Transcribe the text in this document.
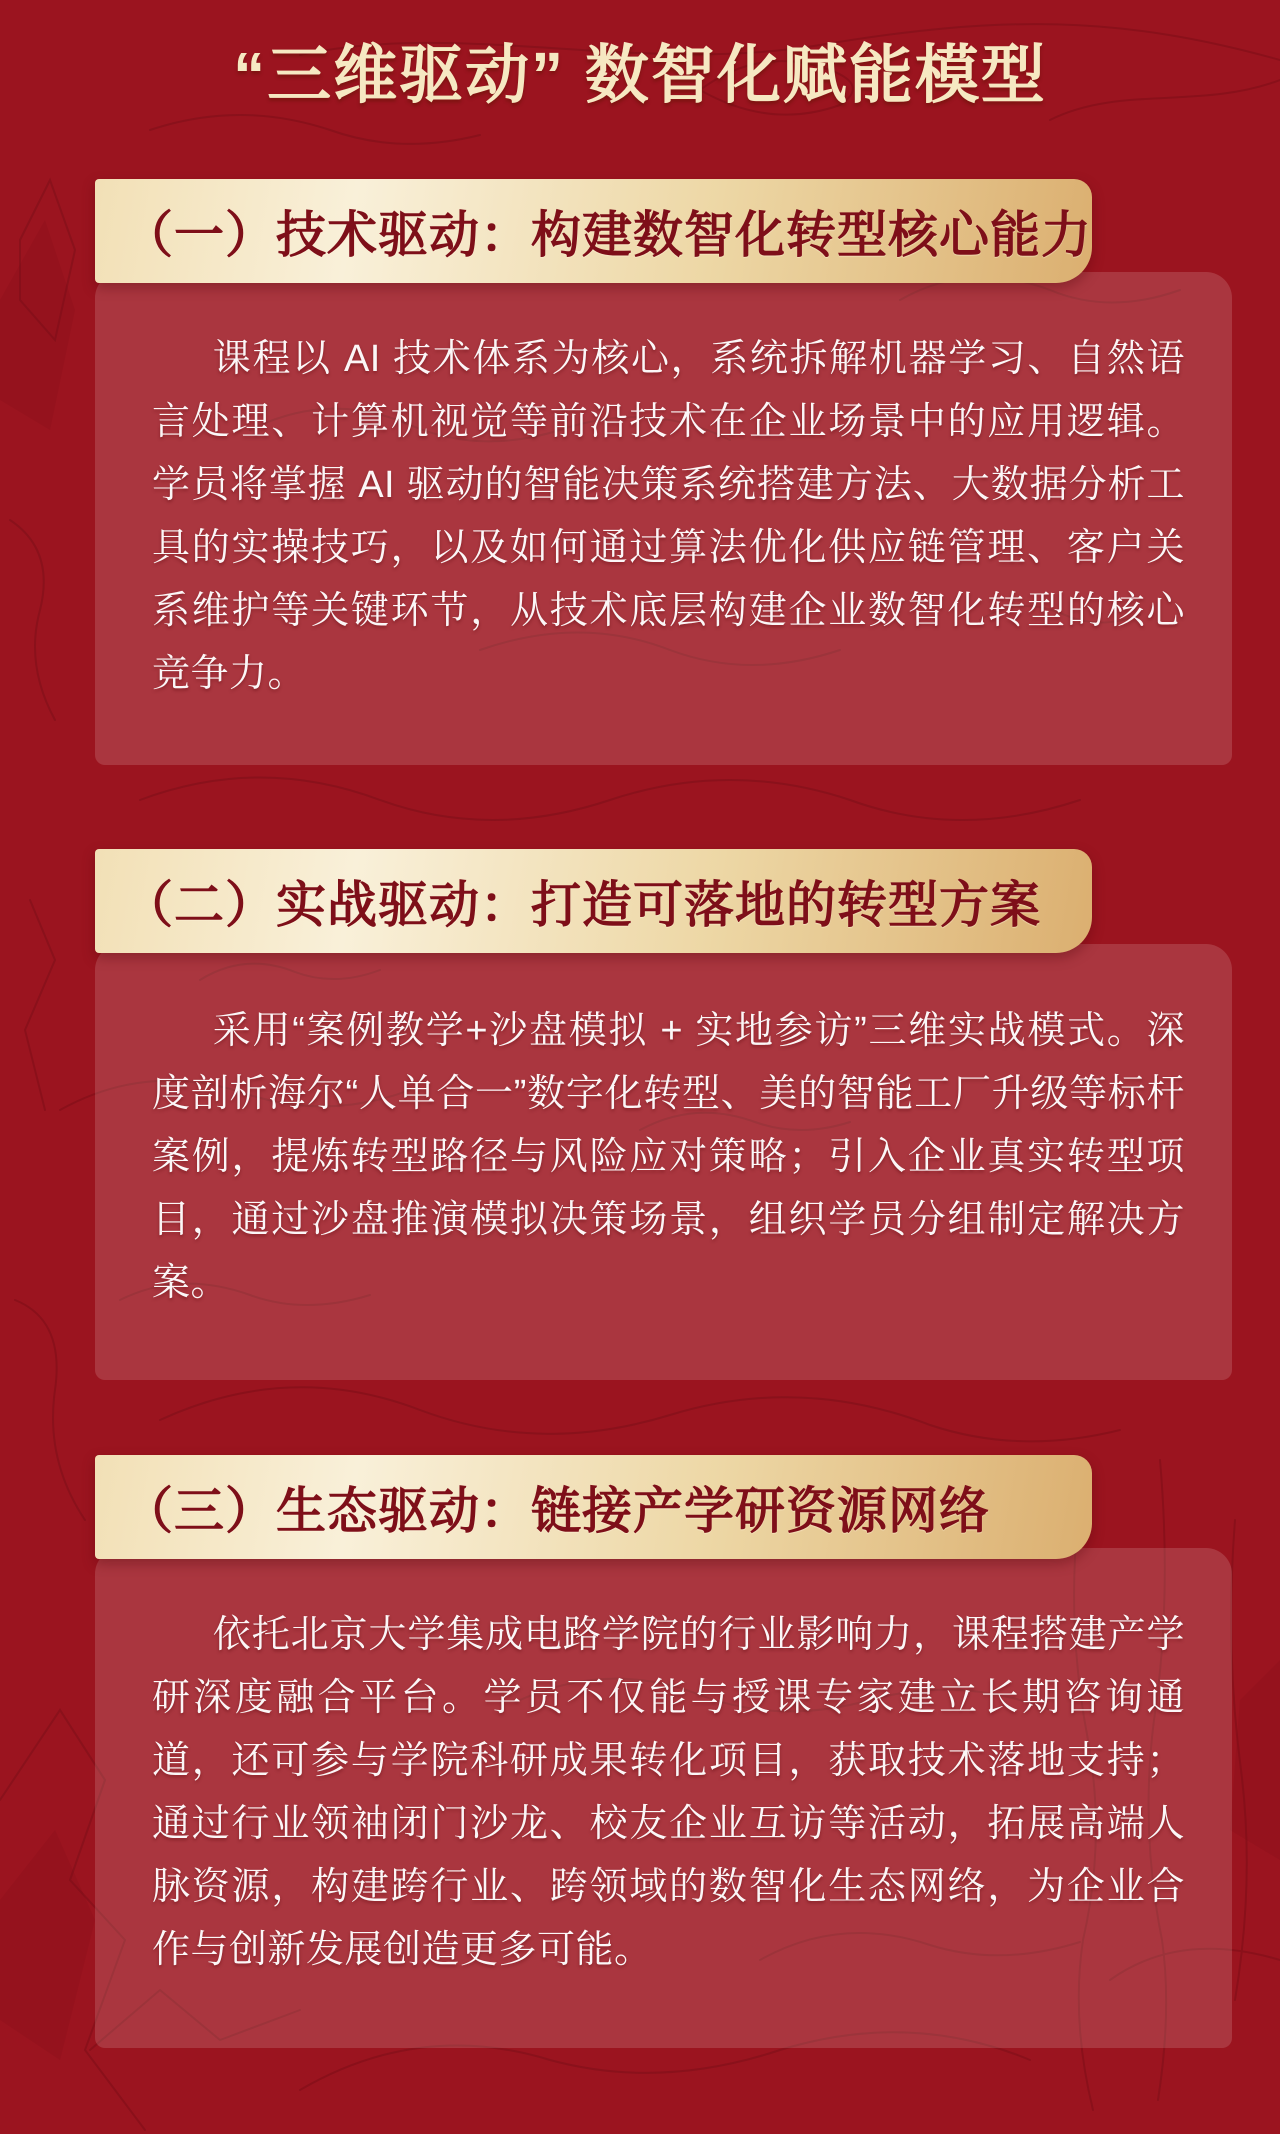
“三维驱动” 数智化赋能模型
（一）技术驱动：构建数智化转型核心能力

课程以 AI 技术体系为核心，系统拆解机器学习、自然语言处理、计算机视觉等前沿技术在企业场景中的应用逻辑。学员将掌握 AI 驱动的智能决策系统搭建方法、大数据分析工具的实操技巧，以及如何通过算法优化供应链管理、客户关系维护等关键环节，从技术底层构建企业数智化转型的核心竞争力。

（二）实战驱动：打造可落地的转型方案

采用“案例教学+沙盘模拟 + 实地参访”三维实战模式。深度剖析海尔“人单合一”数字化转型、美的智能工厂升级等标杆案例，提炼转型路径与风险应对策略；引入企业真实转型项目，通过沙盘推演模拟决策场景，组织学员分组制定解决方案。

（三）生态驱动：链接产学研资源网络

依托北京大学集成电路学院的行业影响力，课程搭建产学研深度融合平台。学员不仅能与授课专家建立长期咨询通道，还可参与学院科研成果转化项目，获取技术落地支持；通过行业领袖闭门沙龙、校友企业互访等活动，拓展高端人脉资源，构建跨行业、跨领域的数智化生态网络，为企业合作与创新发展创造更多可能。
